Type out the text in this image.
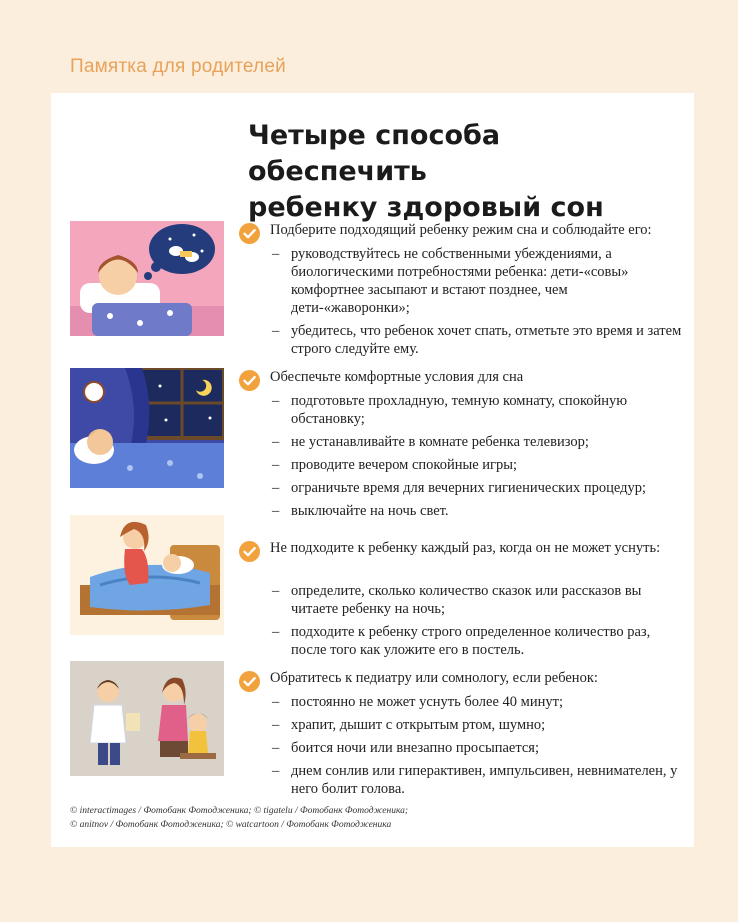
Памятка для родителей
Четыре способа обеспечить
ребенку здоровый сон
Подберите подходящий ребенку режим сна и соблюдайте его:
– руководствуйтесь не собственными убеждениями, а биологическими потребностями ребенка: дети-«совы» комфортнее засыпают и встают позднее, чем дети-«жаворонки»;
– убедитесь, что ребенок хочет спать, отметьте это время и затем строго следуйте ему.
Обеспечьте комфортные условия для сна
– подготовьте прохладную, темную комнату, спокойную обстановку;
– не устанавливайте в комнате ребенка телевизор;
– проводите вечером спокойные игры;
– ограничьте время для вечерних гигиенических процедур;
– выключайте на ночь свет.
Не подходите к ребенку каждый раз, когда он не может уснуть:
– определите, сколько количество сказок или рассказов вы читаете ребенку на ночь;
– подходите к ребенку строго определенное количество раз, после того как уложите его в постель.
Обратитесь к педиатру или сомнологу, если ребенок:
– постоянно не может уснуть более 40 минут;
– храпит, дышит с открытым ртом, шумно;
– боится ночи или внезапно просыпается;
– днем сонлив или гиперактивен, импульсивен, невнимателен, у него болит голова.
© interactimages / Фотобанк Фотодженика; © tigatelu / Фотобанк Фотодженика;
© anitnov / Фотобанк Фотодженика; © watcartoon / Фотобанк Фотодженика
